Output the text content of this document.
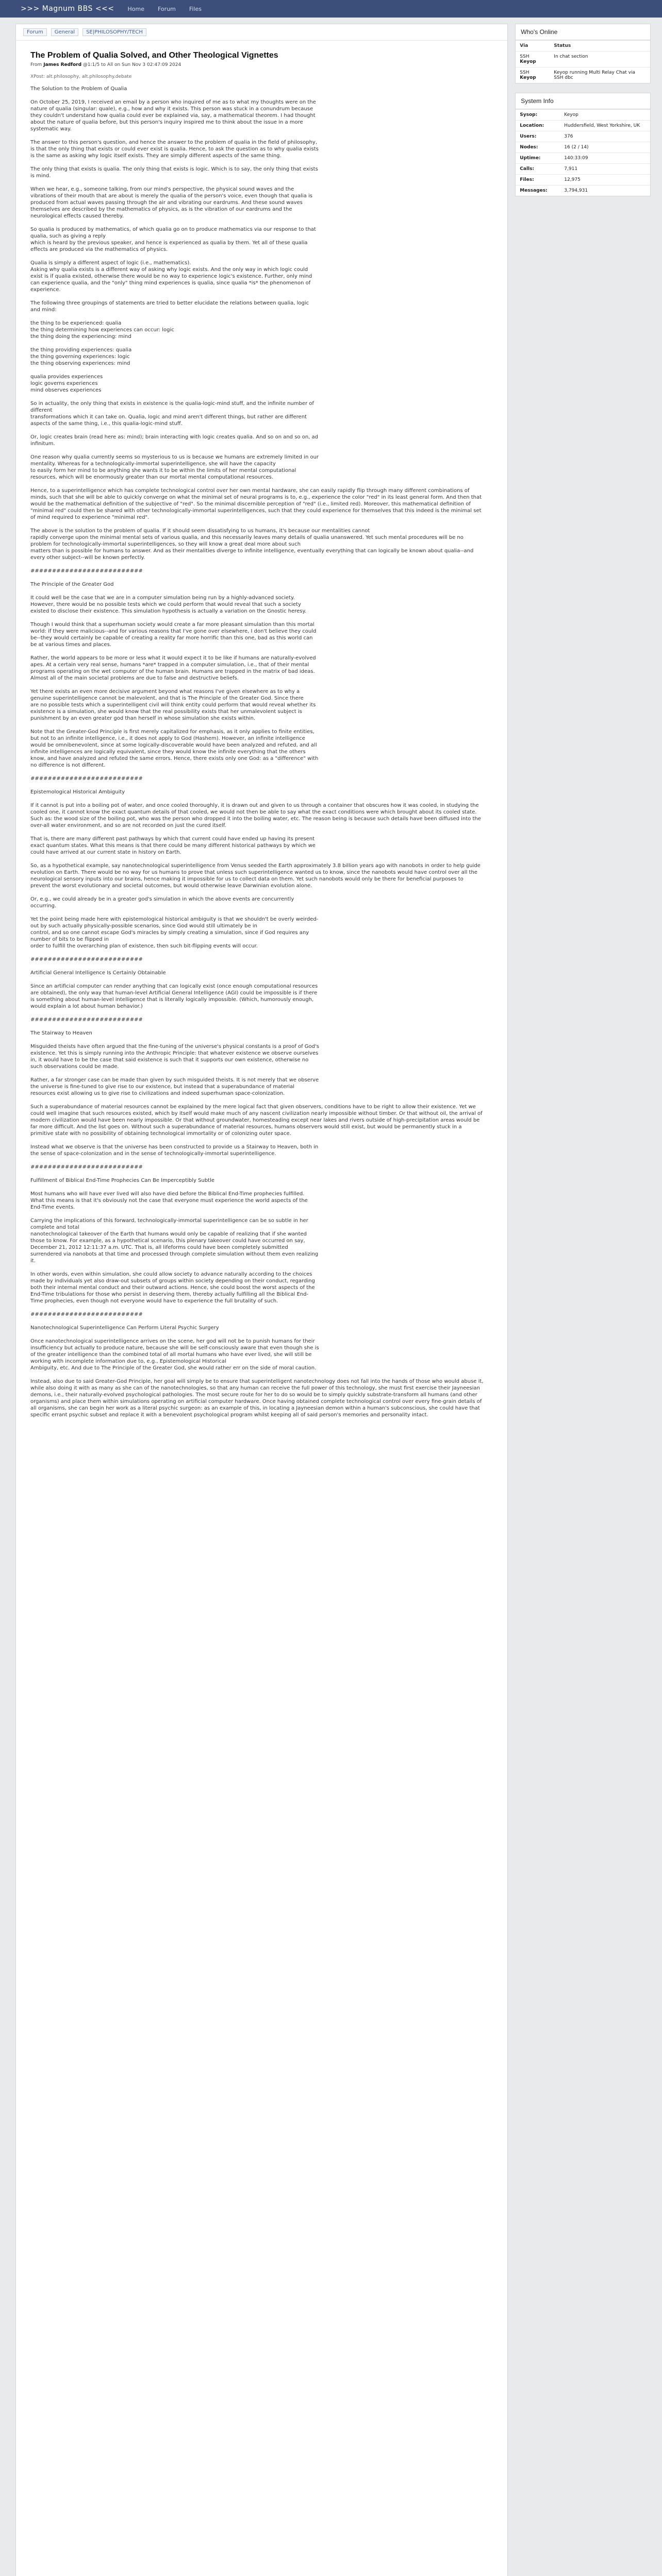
>>> Magnum BBS <<< Home Forum Files
Forum	General	SE|PHILOSOPHY/TECH
The Problem of Qualia Solved, and Other Theological Vignettes
From James Redford @1:1/5 to All on Sun Nov 3 02:47:09 2024
XPost: alt.philosophy, alt.philosophy.debate

The Solution to the Problem of Qualia

On October 25, 2019, I received an email by a person who inquired of me as to what my thoughts were on the nature of qualia (singular: quale), e.g., how and why it exists. This person was stuck in a conundrum because they couldn't understand how qualia could ever be explained via, say, a mathematical theorem. I had thought about the nature of qualia before, but this person's inquiry inspired me to think about the issue in a more systematic way.

The answer to this person's question, and hence the answer to the problem of qualia in the field of philosophy, is that the only thing that exists or could ever exist is qualia. Hence, to ask the question as to why qualia exists is the same as asking why logic itself exists. They are simply different aspects of the same thing.

The only thing that exists is qualia. The only thing that exists is logic. Which is to say, the only thing that exists is mind.

When we hear, e.g., someone talking, from our mind's perspective, the physical sound waves and the vibrations of their mouth that are about is merely the qualia of the person's voice, even though that qualia is produced from actual waves passing through the air and vibrating our eardrums. And these sound waves themselves are described by the mathematics of physics, as is the vibration of our eardrums and the neurological effects caused thereby.

So qualia is produced by mathematics, of which qualia go on to produce mathematics via our response to that qualia, such as giving a reply
which is heard by the previous speaker, and hence is experienced as qualia by them. Yet all of these qualia effects are produced via the mathematics of physics.

Qualia is simply a different aspect of logic (i.e., mathematics).
Asking why qualia exists is a different way of asking why logic exists. And the only way in which logic could exist is if qualia existed, otherwise there would be no way to experience logic's existence. Further, only mind can experience qualia, and the "only" thing mind experiences is qualia, since qualia *is* the phenomenon of experience.

The following three groupings of statements are tried to better elucidate the relations between qualia, logic and mind:

the thing to be experienced: qualia
the thing determining how experiences can occur: logic
the thing doing the experiencing: mind

the thing providing experiences: qualia
the thing governing experiences: logic
the thing observing experiences: mind

qualia provides experiences
logic governs experiences
mind observes experiences

So in actuality, the only thing that exists in existence is the qualia-logic-mind stuff, and the infinite number of different
transformations which it can take on. Qualia, logic and mind aren't different things, but rather are different aspects of the same thing, i.e., this qualia-logic-mind stuff.

Or, logic creates brain (read here as: mind); brain interacting with logic creates qualia. And so on and so on, ad infinitum.

One reason why qualia currently seems so mysterious to us is because we humans are extremely limited in our mentality. Whereas for a technologically-immortal superintelligence, she will have the capacity
to easily form her mind to be anything she wants it to be within the limits of her mental computational resources, which will be enormously greater than our mortal mental computational resources.

Hence, to a superintelligence which has complete technological control over her own mental hardware, she can easily rapidly flip through many different combinations of minds, such that she will be able to quickly converge on what the minimal set of neural programs is to, e.g., experience the color "red" in its least general form. And then that would be the mathematical definition of the subjective of "red". So the minimal discernible perception of "red" (i.e., limited red). Moreover, this mathematical definition of "minimal red" could then be shared with other technologically-immortal superintelligences, such that they could experience for themselves that this indeed is the minimal set of mind required to experience "minimal red".

The above is the solution to the problem of qualia. If it should seem dissatisfying to us humans, it's because our mentalities cannot
rapidly converge upon the minimal mental sets of various qualia, and this necessarily leaves many details of qualia unanswered. Yet such mental procedures will be no problem for technologically-immortal superintelligences, so they will know a great deal more about such
matters than is possible for humans to answer. And as their mentalities diverge to infinite intelligence, eventually everything that can logically be known about qualia--and every other subject--will be known perfectly.

##########################

The Principle of the Greater God

It could well be the case that we are in a computer simulation being run by a highly-advanced society. However, there would be no possible tests which we could perform that would reveal that such a society existed to disclose their existence. This simulation hypothesis is actually a variation on the Gnostic heresy.

Though I would think that a superhuman society would create a far more pleasant simulation than this mortal world: if they were malicious--and for various reasons that I've gone over elsewhere, I don't believe they could be--they would certainly be capable of creating a reality far more horrific than this one, bad as this world can be at various times and places.

Rather, the world appears to be more or less what it would expect it to be like if humans are naturally-evolved apes. At a certain very real sense, humans *are* trapped in a computer simulation, i.e., that of their mental programs operating on the wet computer of the human brain. Humans are trapped in the matrix of bad ideas. Almost all of the main societal problems are due to false and destructive beliefs.

Yet there exists an even more decisive argument beyond what reasons I've given elsewhere as to why a genuine superintelligence cannot be malevolent, and that is The Principle of the Greater God. Since there
are no possible tests which a superintelligent civil will think entity could perform that would reveal whether its existence is a simulation, she would know that the real possibility exists that her unmalevolent subject is punishment by an even greater god than herself in whose simulation she exists within.

Note that the Greater-God Principle is first merely capitalized for emphasis, as it only applies to finite entities, but not to an infinite intelligence, i.e., it does not apply to God (Hashem). However, an infinite intelligence would be omnibenevolent, since at some logically-discoverable would have been analyzed and refuted, and all infinite intelligences are logically equivalent, since they would know the infinite everything that the others know, and have analyzed and refuted the same errors. Hence, there exists only one God: as a "difference" with no difference is not different.

##########################

Epistemological Historical Ambiguity

If it cannot is put into a boiling pot of water, and once cooled thoroughly, it is drawn out and given to us through a container that obscures how it was cooled, in studying the cooled one, it cannot know the exact quantum details of that cooled, we would not then be able to say what the exact conditions were which brought about its cooled state. Such as: the wood size of the boiling pot, who was the person who dropped it into the boiling water, etc. The reason being is because such details have been diffused into the over-all water environment, and so are not recorded on just the cured itself.

That is, there are many different past pathways by which that current could have ended up having its present exact quantum states. What this means is that there could be many different historical pathways by which we could have arrived at our current state in history on Earth.

So, as a hypothetical example, say nanotechnological superintelligence from Venus seeded the Earth approximately 3.8 billion years ago with nanobots in order to help guide evolution on Earth. There would be no way for us humans to prove that unless such superintelligence wanted us to know, since the nanobots would have control over all the neurological sensory inputs into our brains, hence making it impossible for us to collect data on them. Yet such nanobots would only be there for beneficial purposes to prevent the worst evolutionary and societal outcomes, but would otherwise leave Darwinian evolution alone.

Or, e.g., we could already be in a greater god's simulation in which the above events are concurrently occurring.

Yet the point being made here with epistemological historical ambiguity is that we shouldn't be overly weirded-out by such actually physically-possible scenarios, since God would still ultimately be in
control, and so one cannot escape God's miracles by simply creating a simulation, since if God requires any number of bits to be flipped in
order to fulfill the overarching plan of existence, then such bit-flipping events will occur.

##########################

Artificial General Intelligence Is Certainly Obtainable

Since an artificial computer can render anything that can logically exist (once enough computational resources are obtained), the only way that human-level Artificial General Intelligence (AGI) could be impossible is if there is something about human-level intelligence that is literally logically impossible. (Which, humorously enough, would explain a lot about human behavior.)

##########################

The Stairway to Heaven

Misguided theists have often argued that the fine-tuning of the universe's physical constants is a proof of God's existence. Yet this is simply running into the Anthropic Principle: that whatever existence we observe ourselves in, it would have to be the case that said existence is such that it supports our own existence, otherwise no such observations could be made.

Rather, a far stronger case can be made than given by such misguided theists. It is not merely that we observe the universe is fine-tuned to give rise to our existence, but instead that a superabundance of material resources exist allowing us to give rise to civilizations and indeed superhuman space-colonization.

Such a superabundance of material resources cannot be explained by the mere logical fact that given observers, conditions have to be right to allow their existence. Yet we could well imagine that such resources existed, which by itself would make much of any nascent civilization nearly impossible without timber. Or that without oil, the arrival of modern civilization would have been nearly impossible. Or that without groundwater, homesteading except near lakes and rivers outside of high-precipitation areas would be far more difficult. And the list goes on. Without such a superabundance of material resources, humans observers would still exist, but would be permanently stuck in a primitive state with no possibility of obtaining technological immortality or of colonizing outer space.

Instead what we observe is that the universe has been constructed to provide us a Stairway to Heaven, both in the sense of space-colonization and in the sense of technologically-immortal superintelligence.

##########################

Fulfillment of Biblical End-Time Prophecies Can Be Imperceptibly Subtle

Most humans who will have ever lived will also have died before the Biblical End-Time prophecies fulfilled. What this means is that it's obviously not the case that everyone must experience the world aspects of the End-Time events.

Carrying the implications of this forward, technologically-immortal superintelligence can be so subtle in her complete and total
nanotechnological takeover of the Earth that humans would only be capable of realizing that if she wanted those to know. For example, as a hypothetical scenario, this plenary takeover could have occurred on say, December 21, 2012 12:11:37 a.m. UTC. That is, all lifeforms could have been completely submitted surrendered via nanobots at that time and processed through complete simulation without them even realizing it.

In other words, even within simulation, she could allow society to advance naturally according to the choices made by individuals yet also draw-out subsets of groups within society depending on their conduct, regarding both their internal mental conduct and their outward actions. Hence, she could boost the worst aspects of the End-Time tribulations for those who persist in deserving them, thereby actually fulfilling all the Biblical End-Time prophecies, even though not everyone would have to experience the full brutality of such.

##########################

Nanotechnological Superintelligence Can Perform Literal Psychic Surgery

Once nanotechnological superintelligence arrives on the scene, her god will not be to punish humans for their insufficiency but actually to produce nature, because she will be self-consciously aware that even though she is of the greater intelligence than the combined total of all mortal humans who have ever lived, she will still be working with incomplete information due to, e.g., Epistemological Historical
Ambiguity, etc. And due to The Principle of the Greater God, she would rather err on the side of moral caution.

Instead, also due to said Greater-God Principle, her goal will simply be to ensure that superintelligent nanotechnology does not fall into the hands of those who would abuse it, while also doing it with as many as she can of the nanotechnologies, so that any human can receive the full power of this technology, she must first exercise their Jayneesian demons, i.e., their naturally-evolved psychological pathologies. The most secure route for her to do so would be to simply quickly substrate-transform all humans (and other organisms) and place them within simulations operating on artificial computer hardware. Once having obtained complete technological control over every fine-grain details of all organisms, she can begin her work as a literal psychic surgeon: as an example of this, in locating a Jayneesian demon within a human's subconscious, she could have that specific errant psychic subset and replace it with a benevolent psychological program whilst keeping all of said person's memories and personality intact.

Who's Online
Via	Status
SSH Keyop	In chat section
SSH Keyop	Keyop running Multi Relay Chat via SSH dbc
System Info
Sysop:	Keyop
Location:	Huddersfield, West Yorkshire, UK
Users:	376
Nodes:	16 (2 / 14)
Uptime:	140:33:09
Calls:	7,911
Files:	12,975
Messages:	3,794,931
